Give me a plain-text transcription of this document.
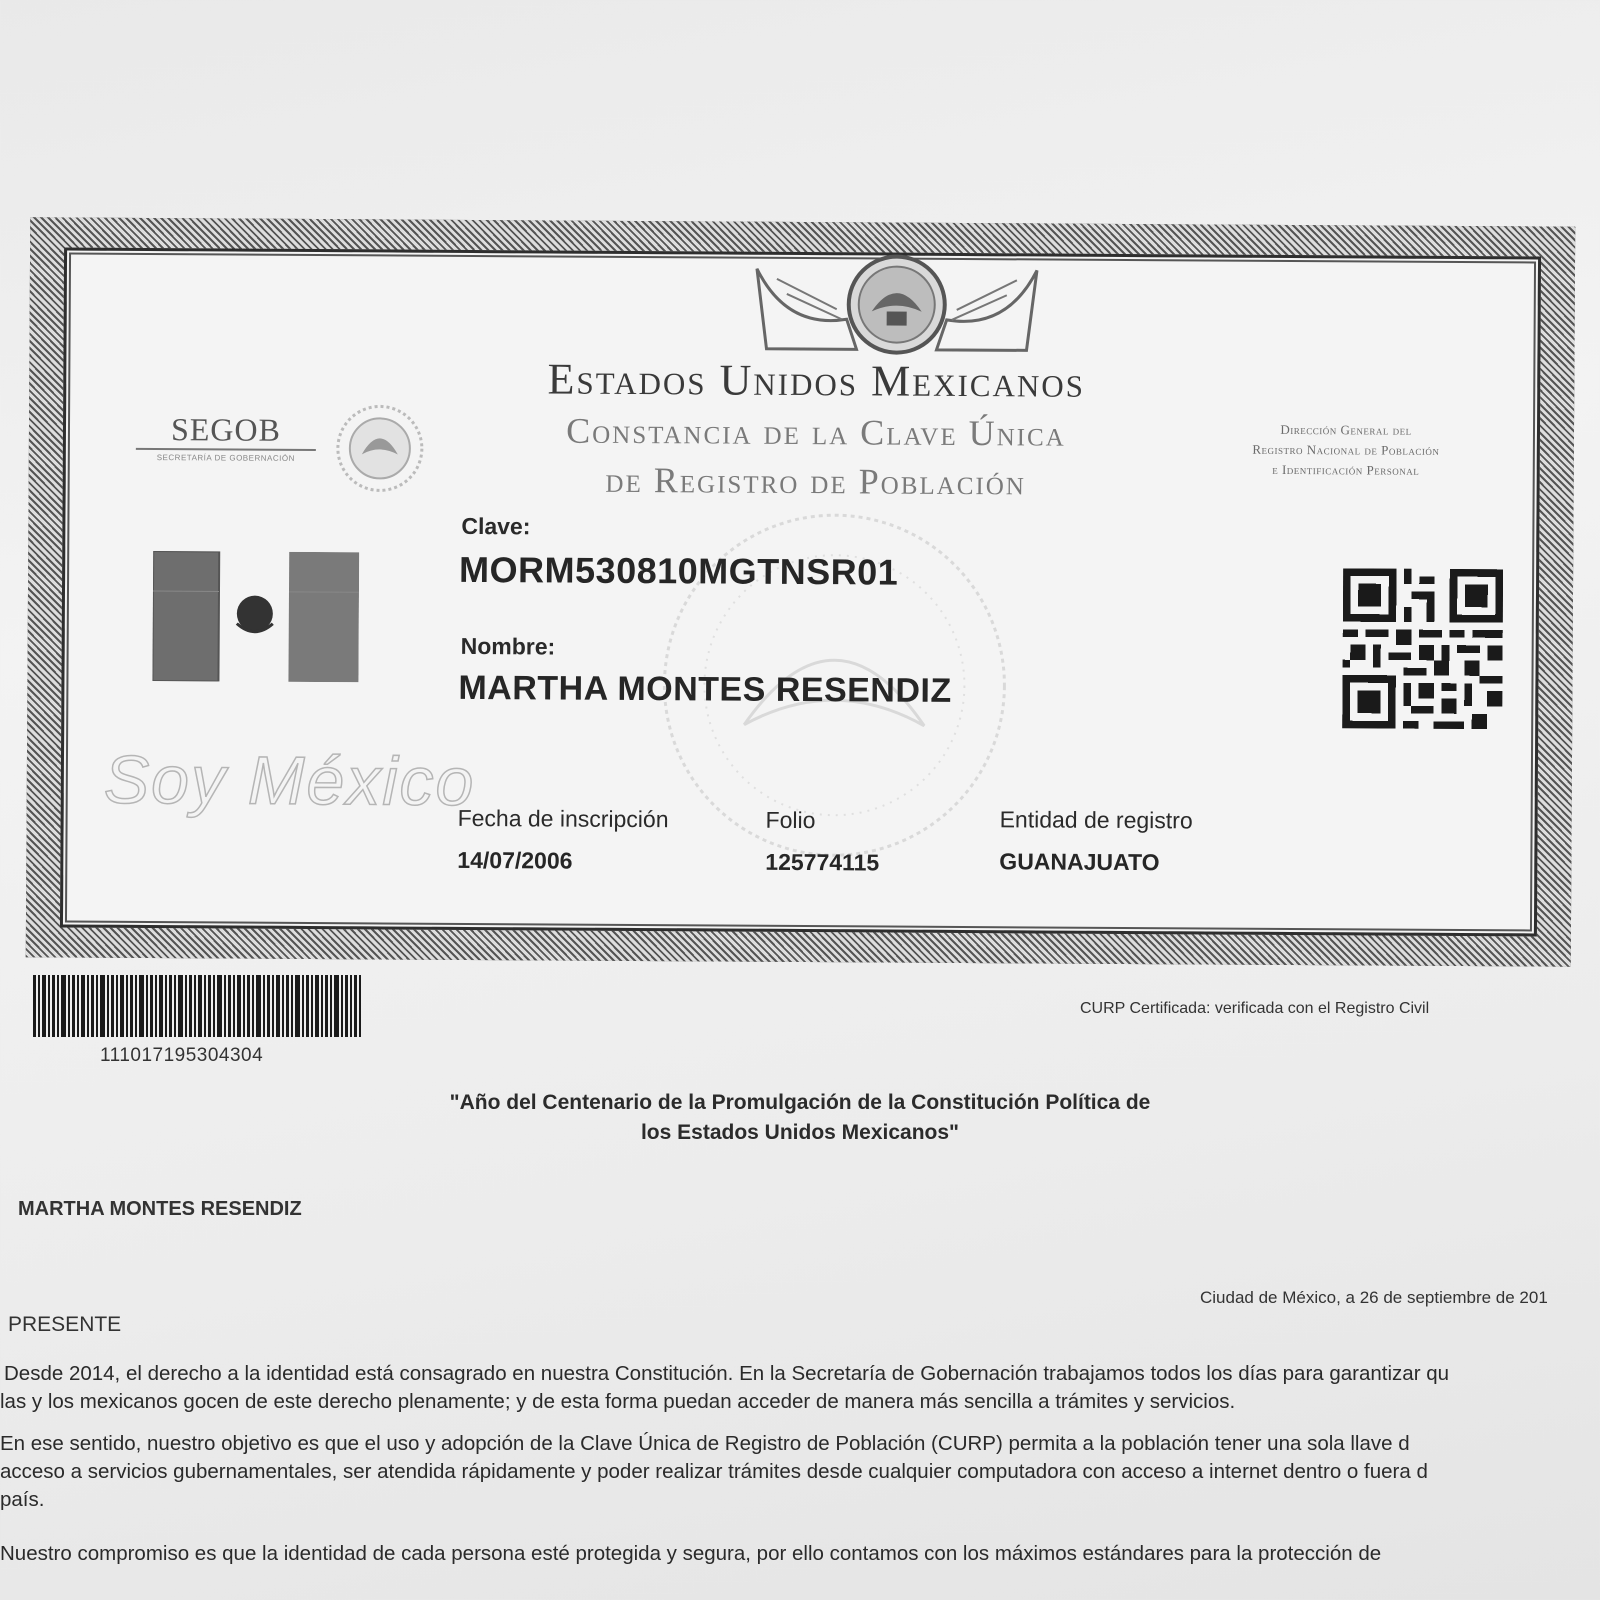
SEGOB
SECRETARÍA DE GOBERNACIÓN
Estados Unidos Mexicanos
Constancia de la Clave Única
de Registro de Población
Dirección General del
Registro Nacional de Población
e Identificación Personal
Soy México
Clave:
MORM530810MGTNSR01
Nombre:
MARTHA MONTES RESENDIZ
Fecha de inscripción
14/07/2006
Folio
125774115
Entidad de registro
GUANAJUATO
111017195304304
CURP Certificada: verificada con el Registro Civil
"Año del Centenario de la Promulgación de la Constitución Política de
los Estados Unidos Mexicanos"
MARTHA MONTES RESENDIZ
Ciudad de México, a 26 de septiembre de 201
PRESENTE
Desde 2014, el derecho a la identidad está consagrado en nuestra Constitución. En la Secretaría de Gobernación trabajamos todos los días para garantizar qu
las y los mexicanos gocen de este derecho plenamente; y de esta forma puedan acceder de manera más sencilla a trámites y servicios.
En ese sentido, nuestro objetivo es que el uso y adopción de la Clave Única de Registro de Población (CURP) permita a la población tener una sola llave d
acceso a servicios gubernamentales, ser atendida rápidamente y poder realizar trámites desde cualquier computadora con acceso a internet dentro o fuera d
país.
Nuestro compromiso es que la identidad de cada persona esté protegida y segura, por ello contamos con los máximos estándares para la protección de
